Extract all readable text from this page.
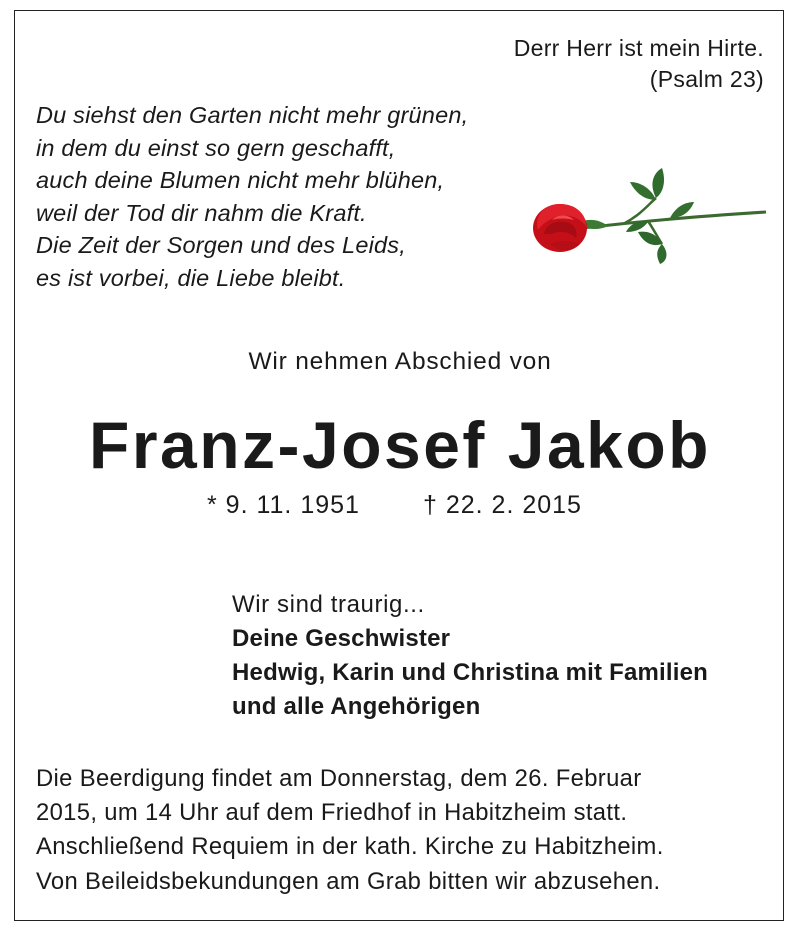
Derr Herr ist mein Hirte.
(Psalm 23)
Du siehst den Garten nicht mehr grünen,
in dem du einst so gern geschafft,
auch deine Blumen nicht mehr blühen,
weil der Tod dir nahm die Kraft.
Die Zeit der Sorgen und des Leids,
es ist vorbei, die Liebe bleibt.
Wir nehmen Abschied von
Franz-Josef Jakob
* 9. 11. 1951	† 22. 2. 2015
Wir sind traurig...
Deine Geschwister
Hedwig, Karin und Christina mit Familien
und alle Angehörigen
Die Beerdigung findet am Donnerstag, dem 26. Februar
2015, um 14 Uhr auf dem Friedhof in Habitzheim statt.
Anschließend Requiem in der kath. Kirche zu Habitzheim.
Von Beileidsbekundungen am Grab bitten wir abzusehen.
